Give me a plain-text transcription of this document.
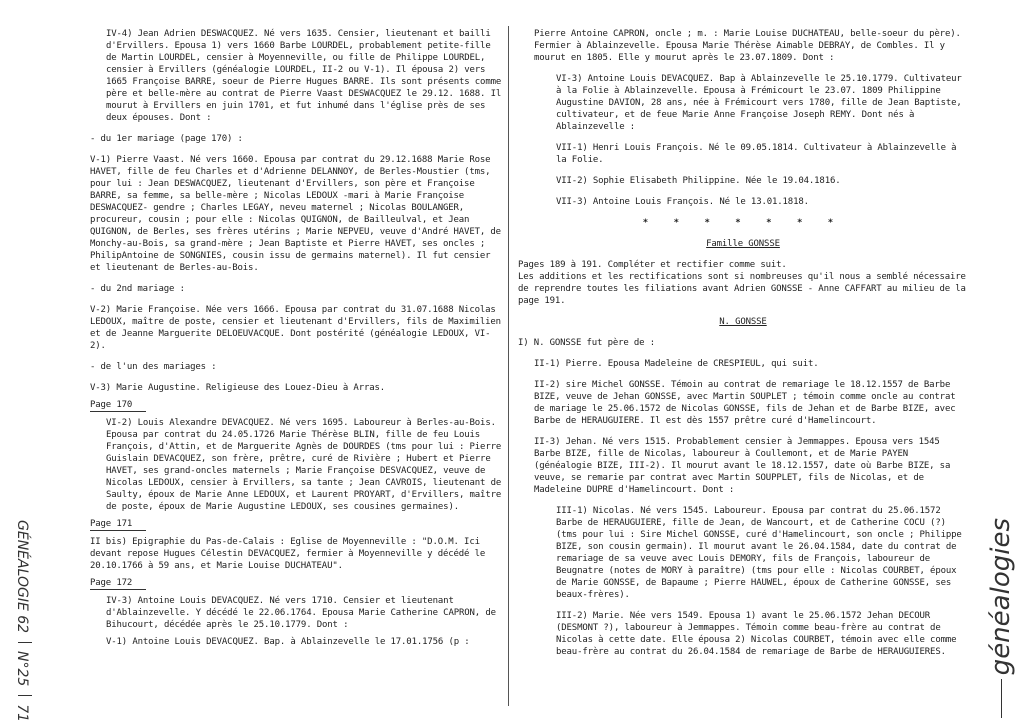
IV-4) Jean Adrien DESWACQUEZ. Né vers 1635. Censier, lieutenant et bailli d'Ervillers. Epousa 1) vers 1660 Barbe LOURDEL, probablement petite-fille de Martin LOURDEL, censier à Moyenneville, ou fille de Philippe LOURDEL, censier à Ervillers (généalogie LOURDEL, II-2 ou V-1). Il épousa 2) vers 1665 Françoise BARRE, soeur de Pierre Hugues BARRE. Ils sont présents comme père et belle-mère au contrat de Pierre Vaast DESWACQUEZ le 29.12. 1688. Il mourut à Ervillers en juin 1701, et fut inhumé dans l'église près de ses deux épouses. Dont :

- du 1er mariage (page 170) :

V-1) Pierre Vaast. Né vers 1660. Epousa par contrat du 29.12.1688 Marie Rose HAVET, fille de feu Charles et d'Adrienne DELANNOY, de Berles-Moustier (tms, pour lui : Jean DESWACQUEZ, lieutenant d'Ervillers, son père et Françoise BARRE, sa femme, sa belle-mère ; Nicolas LEDOUX -mari à Marie Françoise DESWACQUEZ- gendre ; Charles LEGAY, neveu maternel ; Nicolas BOULANGER, procureur, cousin ; pour elle : Nicolas QUIGNON, de Bailleulval, et Jean QUIGNON, de Berles, ses frères utérins ; Marie NEPVEU, veuve d'André HAVET, de Monchy-au-Bois, sa grand-mère ; Jean Baptiste et Pierre HAVET, ses oncles ; PhilipAntoine de SONGNIES, cousin issu de germains maternel). Il fut censier et lieutenant de Berles-au-Bois.

- du 2nd mariage :

V-2) Marie Françoise. Née vers 1666. Epousa par contrat du 31.07.1688 Nicolas LEDOUX, maître de poste, censier et lieutenant d'Ervillers, fils de Maximilien et de Jeanne Marguerite DELOEUVACQUE. Dont postérité (généalogie LEDOUX, VI-2).

- de l'un des mariages :

V-3) Marie Augustine. Religieuse des Louez-Dieu à Arras.

Page 170

VI-2) Louis Alexandre DEVACQUEZ. Né vers 1695. Laboureur à Berles-au-Bois. Epousa par contrat du 24.05.1726 Marie Thérèse BLIN, fille de feu Louis François, d'Attin, et de Marguerite Agnès de DOURDES (tms pour lui : Pierre Guislain DEVACQUEZ, son frère, prêtre, curé de Rivière ; Hubert et Pierre HAVET, ses grand-oncles maternels ; Marie Françoise DESVACQUEZ, veuve de Nicolas LEDOUX, censier à Ervillers, sa tante ; Jean CAVROIS, lieutenant de Saulty, époux de Marie Anne LEDOUX, et Laurent PROYART, d'Ervillers, maître de poste, époux de Marie Augustine LEDOUX, ses cousines germaines).

Page 171

II bis) Epigraphie du Pas-de-Calais : Eglise de Moyenneville : "D.O.M. Ici devant repose Hugues Célestin DEVACQUEZ, fermier à Moyenneville y décédé le 20.10.1766 à 59 ans, et Marie Louise DUCHATEAU".

Page 172

IV-3) Antoine Louis DEVACQUEZ. Né vers 1710. Censier et lieutenant d'Ablainzevelle. Y décédé le 22.06.1764. Epousa Marie Catherine CAPRON, de Bihucourt, décédée après le 25.10.1779. Dont :

V-1) Antoine Louis DEVACQUEZ. Bap. à Ablainzevelle le 17.01.1756 (p :

Pierre Antoine CAPRON, oncle ; m. : Marie Louise DUCHATEAU, belle-soeur du père). Fermier à Ablainzevelle. Epousa Marie Thérèse Aimable DEBRAY, de Combles. Il y mourut en 1805. Elle y mourut après le 23.07.1809. Dont :

VI-3) Antoine Louis DEVACQUEZ. Bap à Ablainzevelle le 25.10.1779. Cultivateur à la Folie à Ablainzevelle. Epousa à Frémicourt le 23.07. 1809 Philippine Augustine DAVION, 28 ans, née à Frémicourt vers 1780, fille de Jean Baptiste, cultivateur, et de feue Marie Anne Françoise Joseph REMY. Dont nés à Ablainzevelle :

VII-1) Henri Louis François. Né le 09.05.1814. Cultivateur à Ablainzevelle à la Folie.

VII-2) Sophie Elisabeth Philippine. Née le 19.04.1816.

VII-3) Antoine Louis François. Né le 13.01.1818.

* * * * * * *

Famille GONSSE

Pages 189 à 191. Compléter et rectifier comme suit.

Les additions et les rectifications sont si nombreuses qu'il nous a semblé nécessaire de reprendre toutes les filiations avant Adrien GONSSE - Anne CAFFART au milieu de la page 191.

N. GONSSE

I) N. GONSSE fut père de :

II-1) Pierre. Epousa Madeleine de CRESPIEUL, qui suit.

II-2) sire Michel GONSSE. Témoin au contrat de remariage le 18.12.1557 de Barbe BIZE, veuve de Jehan GONSSE, avec Martin SOUPLET ; témoin comme oncle au contrat de mariage le 25.06.1572 de Nicolas GONSSE, fils de Jehan et de Barbe BIZE, avec Barbe de HERAUGUIERE. Il est dès 1557 prêtre curé d'Hamelincourt.

II-3) Jehan. Né vers 1515. Probablement censier à Jemmappes. Epousa vers 1545 Barbe BIZE, fille de Nicolas, laboureur à Coullemont, et de Marie PAYEN (généalogie BIZE, III-2). Il mourut avant le 18.12.1557, date où Barbe BIZE, sa veuve, se remarie par contrat avec Martin SOUPPLET, fils de Nicolas, et de Madeleine DUPRE d'Hamelincourt. Dont :

III-1) Nicolas. Né vers 1545. Laboureur. Epousa par contrat du 25.06.1572 Barbe de HERAUGUIERE, fille de Jean, de Wancourt, et de Catherine COCU (?) (tms pour lui : Sire Michel GONSSE, curé d'Hamelincourt, son oncle ; Philippe BIZE, son cousin germain). Il mourut avant le 26.04.1584, date du contrat de remariage de sa veuve avec Louis DEMORY, fils de François, laboureur de Beugnatre (notes de MORY à paraître) (tms pour elle : Nicolas COURBET, époux de Marie GONSSE, de Bapaume ; Pierre HAUWEL, époux de Catherine GONSSE, ses beaux-frères).

III-2) Marie. Née vers 1549. Epousa 1) avant le 25.06.1572 Jehan DECOUR (DESMONT ?), laboureur à Jemmappes. Témoin comme beau-frère au contrat de Nicolas à cette date. Elle épousa 2) Nicolas COURBET, témoin avec elle comme beau-frère au contrat du 26.04.1584 de remariage de Barbe de HERAUGUIERES.

GÉNÉALOGIE 62  N°25  71
généalogies
